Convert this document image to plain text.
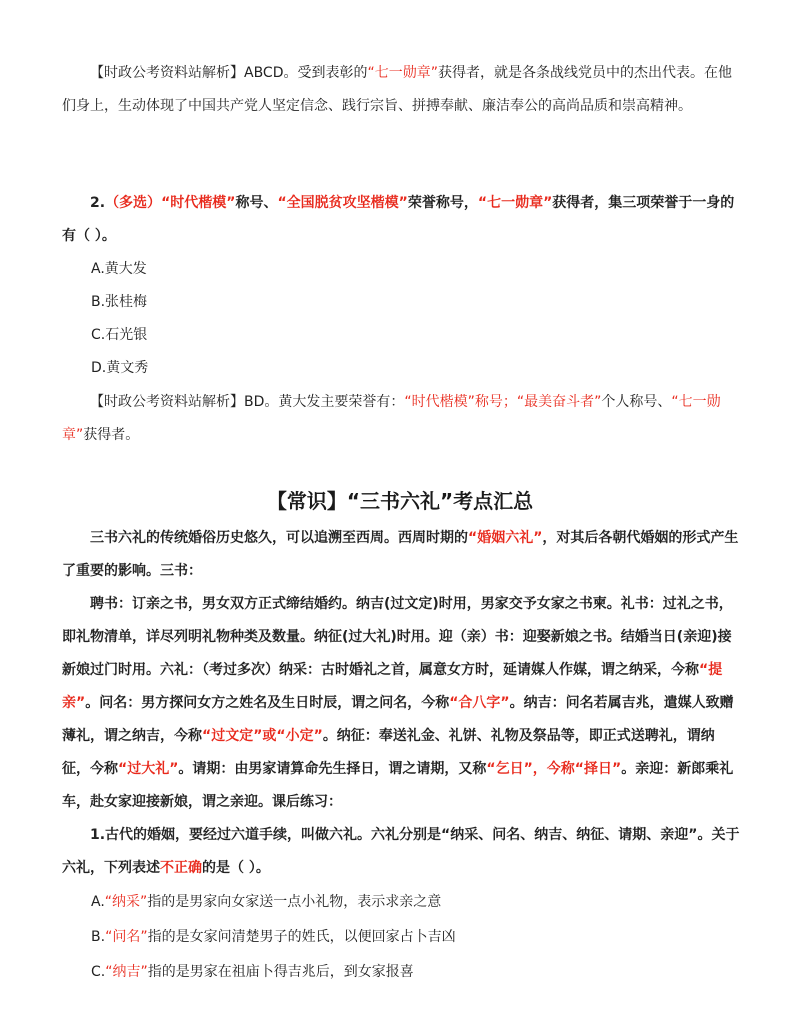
【时政公考资料站解析】ABCD。受到表彰的“七一勋章”获得者，就是各条战线党员中的杰出代表。在他们身上，生动体现了中国共产党人坚定信念、践行宗旨、拼搏奉献、廉洁奉公的高尚品质和崇高精神。

2.（多选）“时代楷模”称号、“全国脱贫攻坚楷模”荣誉称号，“七一勋章”获得者，集三项荣誉于一身的有（ ）。

A.黄大发

B.张桂梅

C.石光银

D.黄文秀

【时政公考资料站解析】BD。黄大发主要荣誉有：“时代楷模”称号；“最美奋斗者”个人称号、“七一勋章”获得者。

【常识】“三书六礼”考点汇总

三书六礼的传统婚俗历史悠久，可以追溯至西周。西周时期的“婚姻六礼”，对其后各朝代婚姻的形式产生了重要的影响。三书：

聘书：订亲之书，男女双方正式缔结婚约。纳吉(过文定)时用，男家交予女家之书柬。礼书：过礼之书，即礼物清单，详尽列明礼物种类及数量。纳征(过大礼)时用。迎（亲）书：迎娶新娘之书。结婚当日(亲迎)接新娘过门时用。六礼：（考过多次）纳采：古时婚礼之首，属意女方时，延请媒人作媒，谓之纳采，今称“提亲”。问名：男方探问女方之姓名及生日时辰，谓之问名，今称“合八字”。纳吉：问名若属吉兆，遣媒人致赠薄礼，谓之纳吉，今称“过文定”或“小定”。纳征：奉送礼金、礼饼、礼物及祭品等，即正式送聘礼，谓纳征，今称“过大礼”。请期：由男家请算命先生择日，谓之请期，又称“乞日”，今称“择日”。亲迎：新郎乘礼车，赴女家迎接新娘，谓之亲迎。课后练习：

1.古代的婚姻，要经过六道手续，叫做六礼。六礼分别是“纳采、问名、纳吉、纳征、请期、亲迎”。关于六礼，下列表述不正确的是（ ）。

A.“纳采”指的是男家向女家送一点小礼物，表示求亲之意

B.“问名”指的是女家问清楚男子的姓氏，以便回家占卜吉凶

C.“纳吉”指的是男家在祖庙卜得吉兆后，到女家报喜
